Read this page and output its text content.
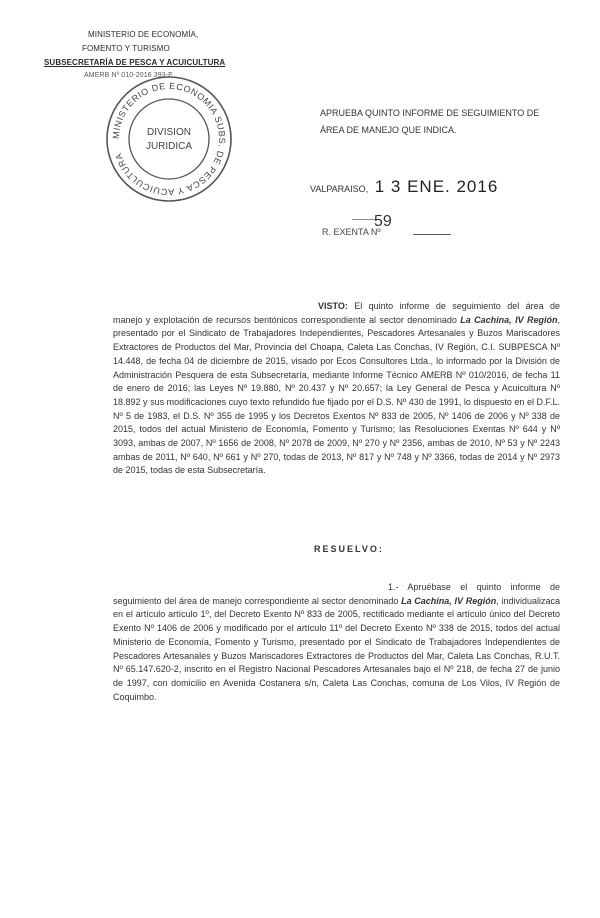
MINISTERIO DE ECONOMÍA,
FOMENTO Y TURISMO
SUBSECRETARÍA DE PESCA Y ACUICULTURA
AMERB Nº 010-2016 393-E
MINISTERIO DE ECONOMIA SUBS. DE PESCA Y ACUICULTURA
DIVISION
JURIDICA
APRUEBA QUINTO INFORME DE SEGUIMIENTO DE ÁREA DE MANEJO QUE INDICA.
VALPARAISO, 1 3 ENE. 2016
R. EXENTA Nº
59
VISTO: El quinto informe de seguimiento del área de manejo y explotación de recursos bentónicos correspondiente al sector denominado La Cachina, IV Región, presentado por el Sindicato de Trabajadores Independientes, Pescadores Artesanales y Buzos Mariscadores Extractores de Productos del Mar, Provincia del Choapa, Caleta Las Conchas, IV Región, C.I. SUBPESCA Nº 14.448, de fecha 04 de diciembre de 2015, visado por Ecos Consultores Ltda., lo informado por la División de Administración Pesquera de esta Subsecretaría, mediante Informe Técnico AMERB Nº 010/2016, de fecha 11 de enero de 2016; las Leyes Nº 19.880, Nº 20.437 y Nº 20.657; la Ley General de Pesca y Acuicultura Nº 18.892 y sus modificaciones cuyo texto refundido fue fijado por el D.S. Nº 430 de 1991, lo dispuesto en el D.F.L. Nº 5 de 1983, el D.S. Nº 355 de 1995 y los Decretos Exentos Nº 833 de 2005, Nº 1406 de 2006 y Nº 338 de 2015, todos del actual Ministerio de Economía, Fomento y Turismo; las Resoluciones Exentas Nº 644 y Nº 3093, ambas de 2007, Nº 1656 de 2008, Nº 2078 de 2009, Nº 270 y Nº 2356, ambas de 2010, Nº 53 y Nº 2243 ambas de 2011, Nº 640, Nº 661 y Nº 270, todas de 2013, Nº 817 y Nº 748 y Nº 3366, todas de 2014 y Nº 2973 de 2015, todas de esta Subsecretaría.
RESUELVO:
1.- Apruébase el quinto informe de seguimiento del área de manejo correspondiente al sector denominado La Cachina, IV Región, individualizaca en el artículo artículo 1º, del Decreto Exento Nº 833 de 2005, rectificado mediante el artículo único del Decreto Exento Nº 1406 de 2006 y modificado por el artículo 11º del Decreto Exento Nº 338 de 2015, todos del actual Ministerio de Economía, Fomento y Turismo, presentado por el Sindicato de Trabajadores Independientes de Pescadores Artesanales y Buzos Mariscadores Extractores de Productos del Mar, Caleta Las Conchas, R.U.T. Nº 65.147.620-2, inscrito en el Registro Nacional Pescadores Artesanales bajo el Nº 218, de fecha 27 de junio de 1997, con domicilio en Avenida Costanera s/n, Caleta Las Conchas, comuna de Los Vilos, IV Región de Coquimbo.
